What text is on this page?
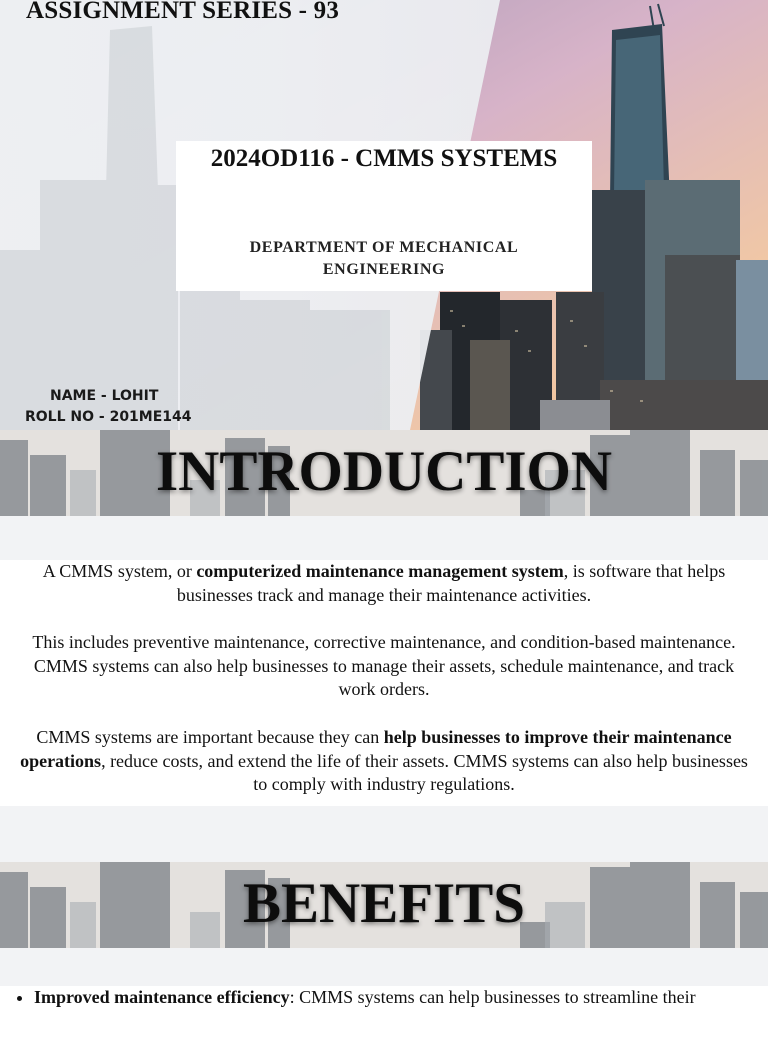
ASSIGNMENT SERIES - 93
2024OD116 - CMMS SYSTEMS
DEPARTMENT OF MECHANICAL ENGINEERING
NAME - LOHIT
ROLL NO - 201ME144
INTRODUCTION

A CMMS system, or computerized maintenance management system, is software that helps businesses track and manage their maintenance activities.

This includes preventive maintenance, corrective maintenance, and condition-based maintenance. CMMS systems can also help businesses to manage their assets, schedule maintenance, and track work orders.

CMMS systems are important because they can help businesses to improve their maintenance operations, reduce costs, and extend the life of their assets. CMMS systems can also help businesses to comply with industry regulations.

BENEFITS
• Improved maintenance efficiency: CMMS systems can help businesses to streamline their
